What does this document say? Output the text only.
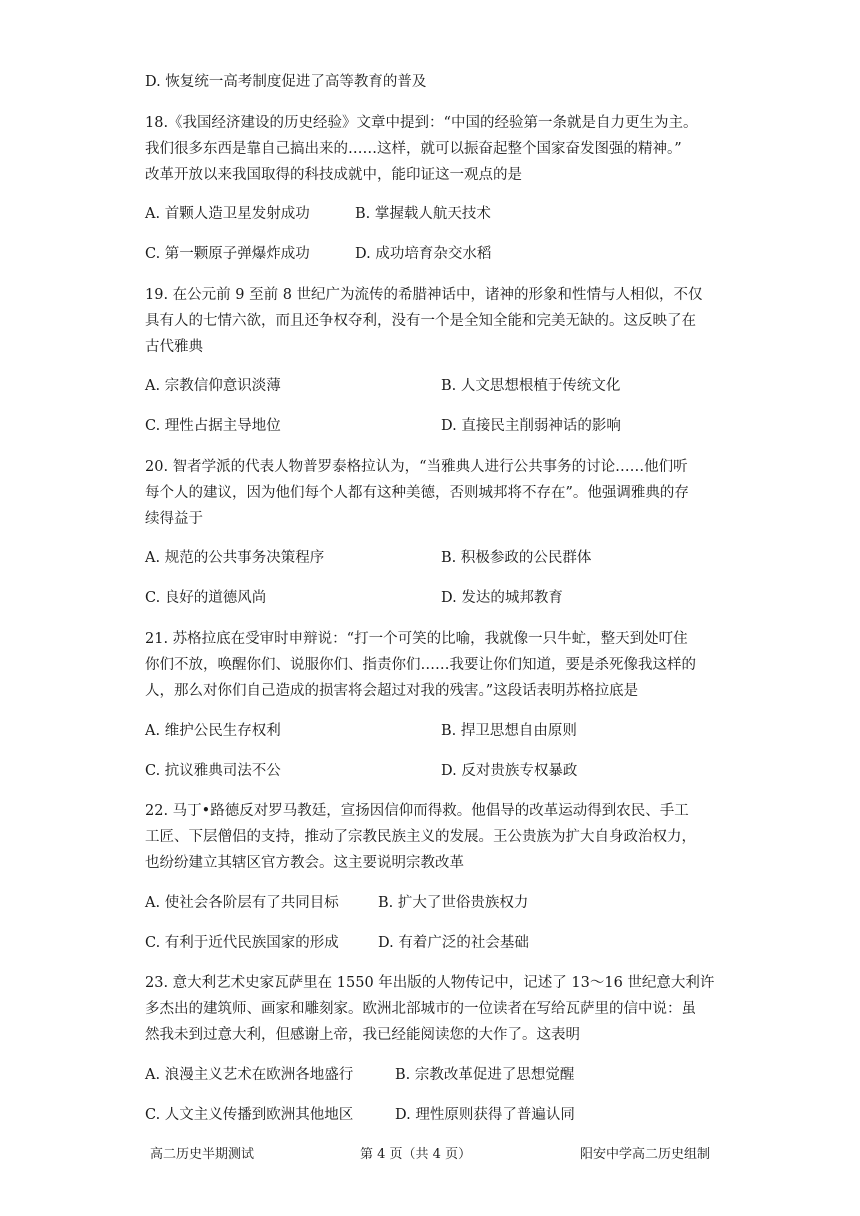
D. 恢复统一高考制度促进了高等教育的普及
18.《我国经济建设的历史经验》文章中提到：“中国的经验第一条就是自力更生为主。
我们很多东西是靠自己搞出来的……这样，就可以振奋起整个国家奋发图强的精神。”
改革开放以来我国取得的科技成就中，能印证这一观点的是
A. 首颗人造卫星发射成功	B. 掌握载人航天技术
C. 第一颗原子弹爆炸成功	D. 成功培育杂交水稻
19. 在公元前 9 至前 8 世纪广为流传的希腊神话中，诸神的形象和性情与人相似，不仅
具有人的七情六欲，而且还争权夺利，没有一个是全知全能和完美无缺的。这反映了在
古代雅典
A. 宗教信仰意识淡薄	B. 人文思想根植于传统文化
C. 理性占据主导地位	D. 直接民主削弱神话的影响
20. 智者学派的代表人物普罗泰格拉认为，“当雅典人进行公共事务的讨论……他们听
每个人的建议，因为他们每个人都有这种美德，否则城邦将不存在”。他强调雅典的存
续得益于
A. 规范的公共事务决策程序	B. 积极参政的公民群体
C. 良好的道德风尚	D. 发达的城邦教育
21. 苏格拉底在受审时申辩说：“打一个可笑的比喻，我就像一只牛虻，整天到处叮住
你们不放，唤醒你们、说服你们、指责你们……我要让你们知道，要是杀死像我这样的
人，那么对你们自己造成的损害将会超过对我的残害。”这段话表明苏格拉底是
A. 维护公民生存权利	B. 捍卫思想自由原则
C. 抗议雅典司法不公	D. 反对贵族专权暴政
22. 马丁•路德反对罗马教廷，宣扬因信仰而得救。他倡导的改革运动得到农民、手工
工匠、下层僧侣的支持，推动了宗教民族主义的发展。王公贵族为扩大自身政治权力，
也纷纷建立其辖区官方教会。这主要说明宗教改革
A. 使社会各阶层有了共同目标	B. 扩大了世俗贵族权力
C. 有利于近代民族国家的形成	D. 有着广泛的社会基础
23. 意大利艺术史家瓦萨里在 1550 年出版的人物传记中，记述了 13～16 世纪意大利许
多杰出的建筑师、画家和雕刻家。欧洲北部城市的一位读者在写给瓦萨里的信中说：虽
然我未到过意大利，但感谢上帝，我已经能阅读您的大作了。这表明
A. 浪漫主义艺术在欧洲各地盛行	B. 宗教改革促进了思想觉醒
C. 人文主义传播到欧洲其他地区	D. 理性原则获得了普遍认同
高二历史半期测试	第 4 页（共 4 页）	阳安中学高二历史组制
